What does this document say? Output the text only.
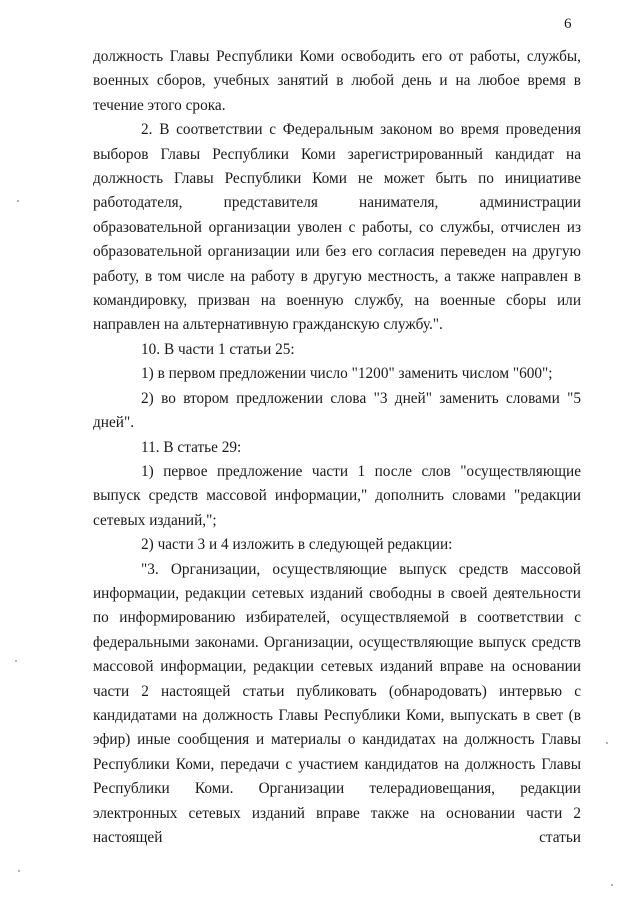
6

должность Главы Республики Коми освободить его от работы, службы, военных сборов, учебных занятий в любой день и на любое время в течение этого срока.

2. В соответствии с Федеральным законом во время проведения выборов Главы Республики Коми зарегистрированный кандидат на должность Главы Республики Коми не может быть по инициативе работодателя, представителя нанимателя, администрации образовательной организации уволен с работы, со службы, отчислен из образовательной организации или без его согласия переведен на другую работу, в том числе на работу в другую местность, а также направлен в командировку, призван на военную службу, на военные сборы или направлен на альтернативную гражданскую службу.".

10. В части 1 статьи 25:

1) в первом предложении число "1200" заменить числом "600";

2) во втором предложении слова "3 дней" заменить словами "5 дней".

11. В статье 29:

1) первое предложение части 1 после слов "осуществляющие выпуск средств массовой информации," дополнить словами "редакции сетевых изданий,";

2) части 3 и 4 изложить в следующей редакции:

"3. Организации, осуществляющие выпуск средств массовой информации, редакции сетевых изданий свободны в своей деятельности по информированию избирателей, осуществляемой в соответствии с федеральными законами. Организации, осуществляющие выпуск средств массовой информации, редакции сетевых изданий вправе на основании части 2 настоящей статьи публиковать (обнародовать) интервью с кандидатами на должность Главы Республики Коми, выпускать в свет (в эфир) иные сообщения и материалы о кандидатах на должность Главы Республики Коми, передачи с участием кандидатов на должность Главы Республики Коми. Организации телерадиовещания, редакции электронных сетевых изданий вправе также на основании части 2 настоящей статьи
